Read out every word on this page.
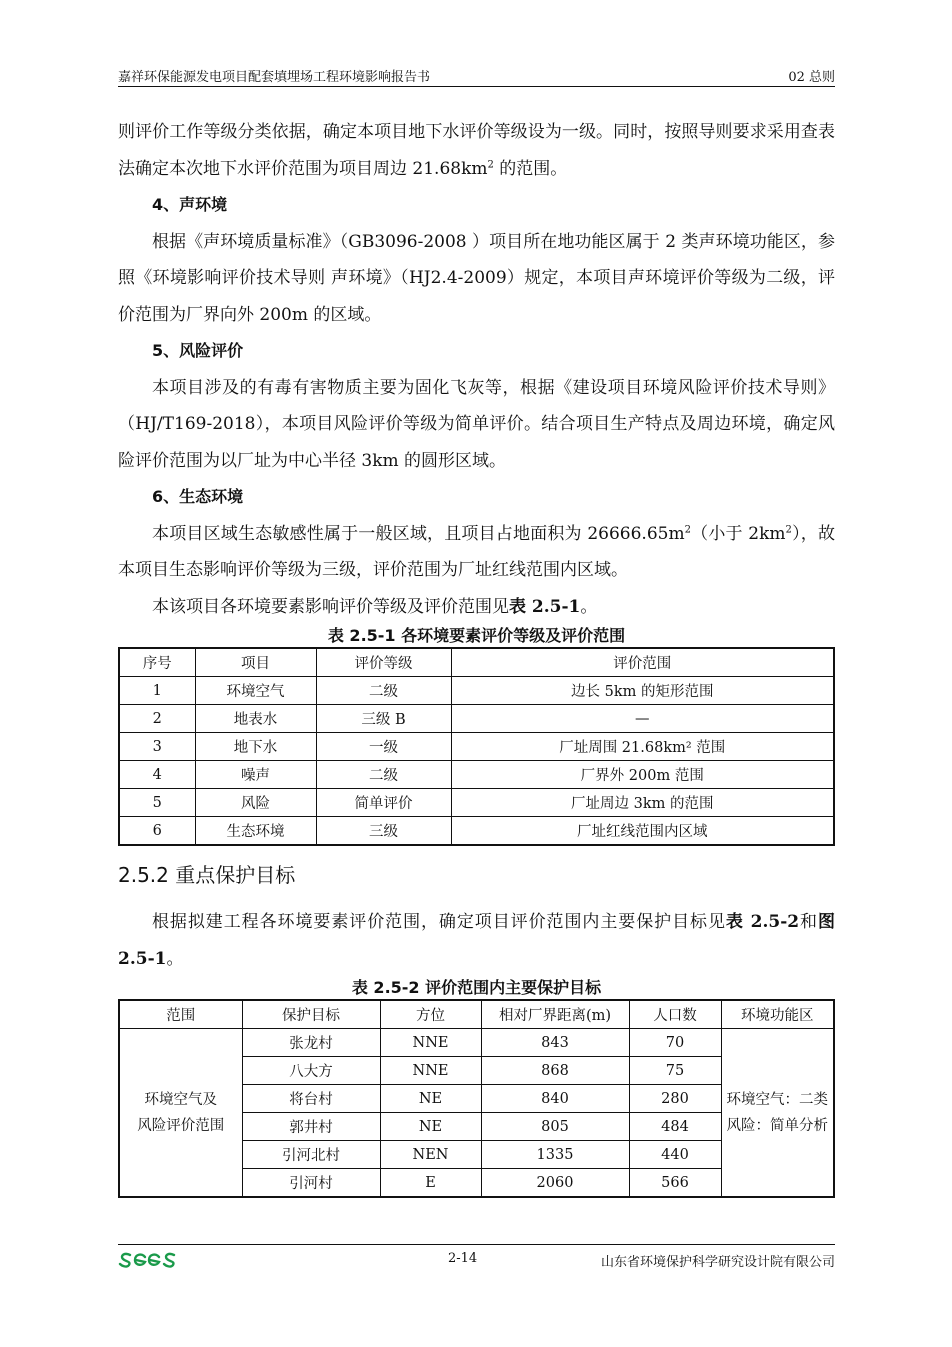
嘉祥环保能源发电项目配套填埋场工程环境影响报告书	02 总则

则评价工作等级分类依据，确定本项目地下水评价等级设为一级。同时，按照导则要求采用查表法确定本次地下水评价范围为项目周边 $21.68km^2$ 的范围。

4、声环境

根据《声环境质量标准》（GB3096-2008 ）项目所在地功能区属于 2 类声环境功能区，参照《环境影响评价技术导则 声环境》（HJ2.4-2009）规定，本项目声环境评价等级为二级，评价范围为厂界向外 200m 的区域。

5、风险评价

本项目涉及的有毒有害物质主要为固化飞灰等，根据《建设项目环境风险评价技术导则》（HJ/T169-2018），本项目风险评价等级为简单评价。结合项目生产特点及周边环境，确定风险评价范围为以厂址为中心半径 3km 的圆形区域。

6、生态环境

本项目区域生态敏感性属于一般区域，且项目占地面积为 $26666.65m^2$（小于 $2km^2$），故本项目生态影响评价等级为三级，评价范围为厂址红线范围内区域。

本该项目各环境要素影响评价等级及评价范围见表 2.5-1。

表 2.5-1 各环境要素评价等级及评价范围

序号	项目	评价等级	评价范围
1	环境空气	二级	边长 5km 的矩形范围
2	地表水	三级 B	—
3	地下水	一级	厂址周围 21.68km² 范围
4	噪声	二级	厂界外 200m 范围
5	风险	简单评价	厂址周边 3km 的范围
6	生态环境	三级	厂址红线范围内区域
2.5.2 重点保护目标

根据拟建工程各环境要素评价范围，确定项目评价范围内主要保护目标见表 2.5-2和图 2.5-1。

表 2.5-2 评价范围内主要保护目标

范围	保护目标	方位	相对厂界距离(m)	人口数	环境功能区
环境空气及
风险评价范围	张龙村	NNE	843	70	环境空气：二类
风险：简单分析
	八大方	NNE	868	75	
	将台村	NE	840	280	
	郭井村	NE	805	484	
	引河北村	NEN	1335	440	
	引河村	E	2060	566	
2-14	山东省环境保护科学研究设计院有限公司
